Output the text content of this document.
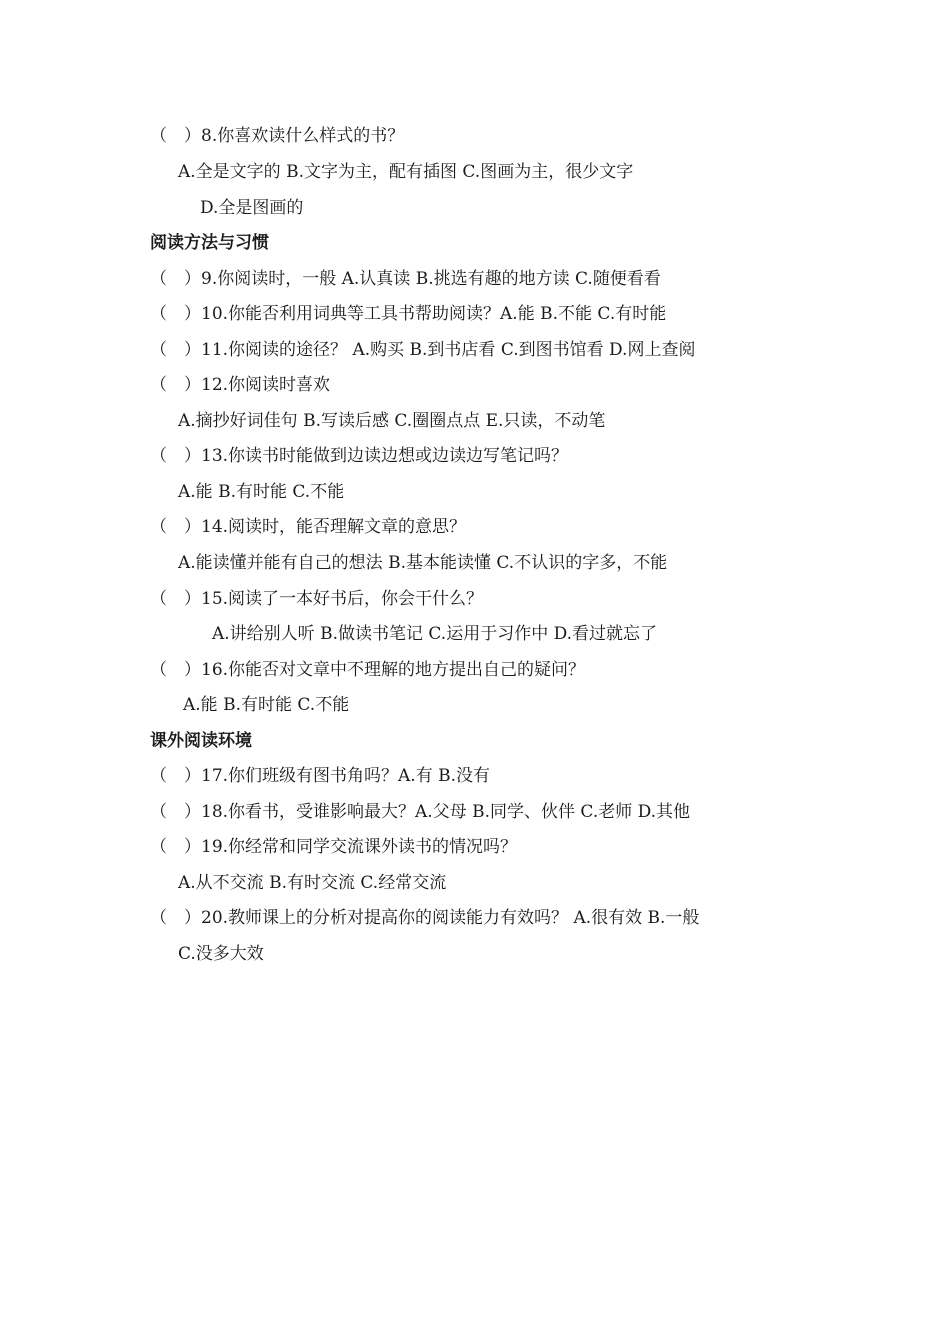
（　）8.你喜欢读什么样式的书？
A.全是文字的 B.文字为主，配有插图 C.图画为主，很少文字
D.全是图画的
阅读方法与习惯
（　）9.你阅读时，一般 A.认真读 B.挑选有趣的地方读 C.随便看看
（　）10.你能否利用词典等工具书帮助阅读？A.能 B.不能 C.有时能
（　）11.你阅读的途径？ A.购买 B.到书店看 C.到图书馆看 D.网上查阅
（　）12.你阅读时喜欢
A.摘抄好词佳句 B.写读后感 C.圈圈点点 E.只读，不动笔
（　）13.你读书时能做到边读边想或边读边写笔记吗？
A.能 B.有时能 C.不能
（　）14.阅读时，能否理解文章的意思？
A.能读懂并能有自己的想法 B.基本能读懂 C.不认识的字多，不能
（　）15.阅读了一本好书后，你会干什么？
A.讲给别人听 B.做读书笔记 C.运用于习作中 D.看过就忘了
（　）16.你能否对文章中不理解的地方提出自己的疑问？
A.能 B.有时能 C.不能
课外阅读环境
（　）17.你们班级有图书角吗？A.有 B.没有
（　）18.你看书，受谁影响最大？A.父母 B.同学、伙伴 C.老师 D.其他
（　）19.你经常和同学交流课外读书的情况吗？
A.从不交流 B.有时交流 C.经常交流
（　）20.教师课上的分析对提高你的阅读能力有效吗？ A.很有效 B.一般
C.没多大效
